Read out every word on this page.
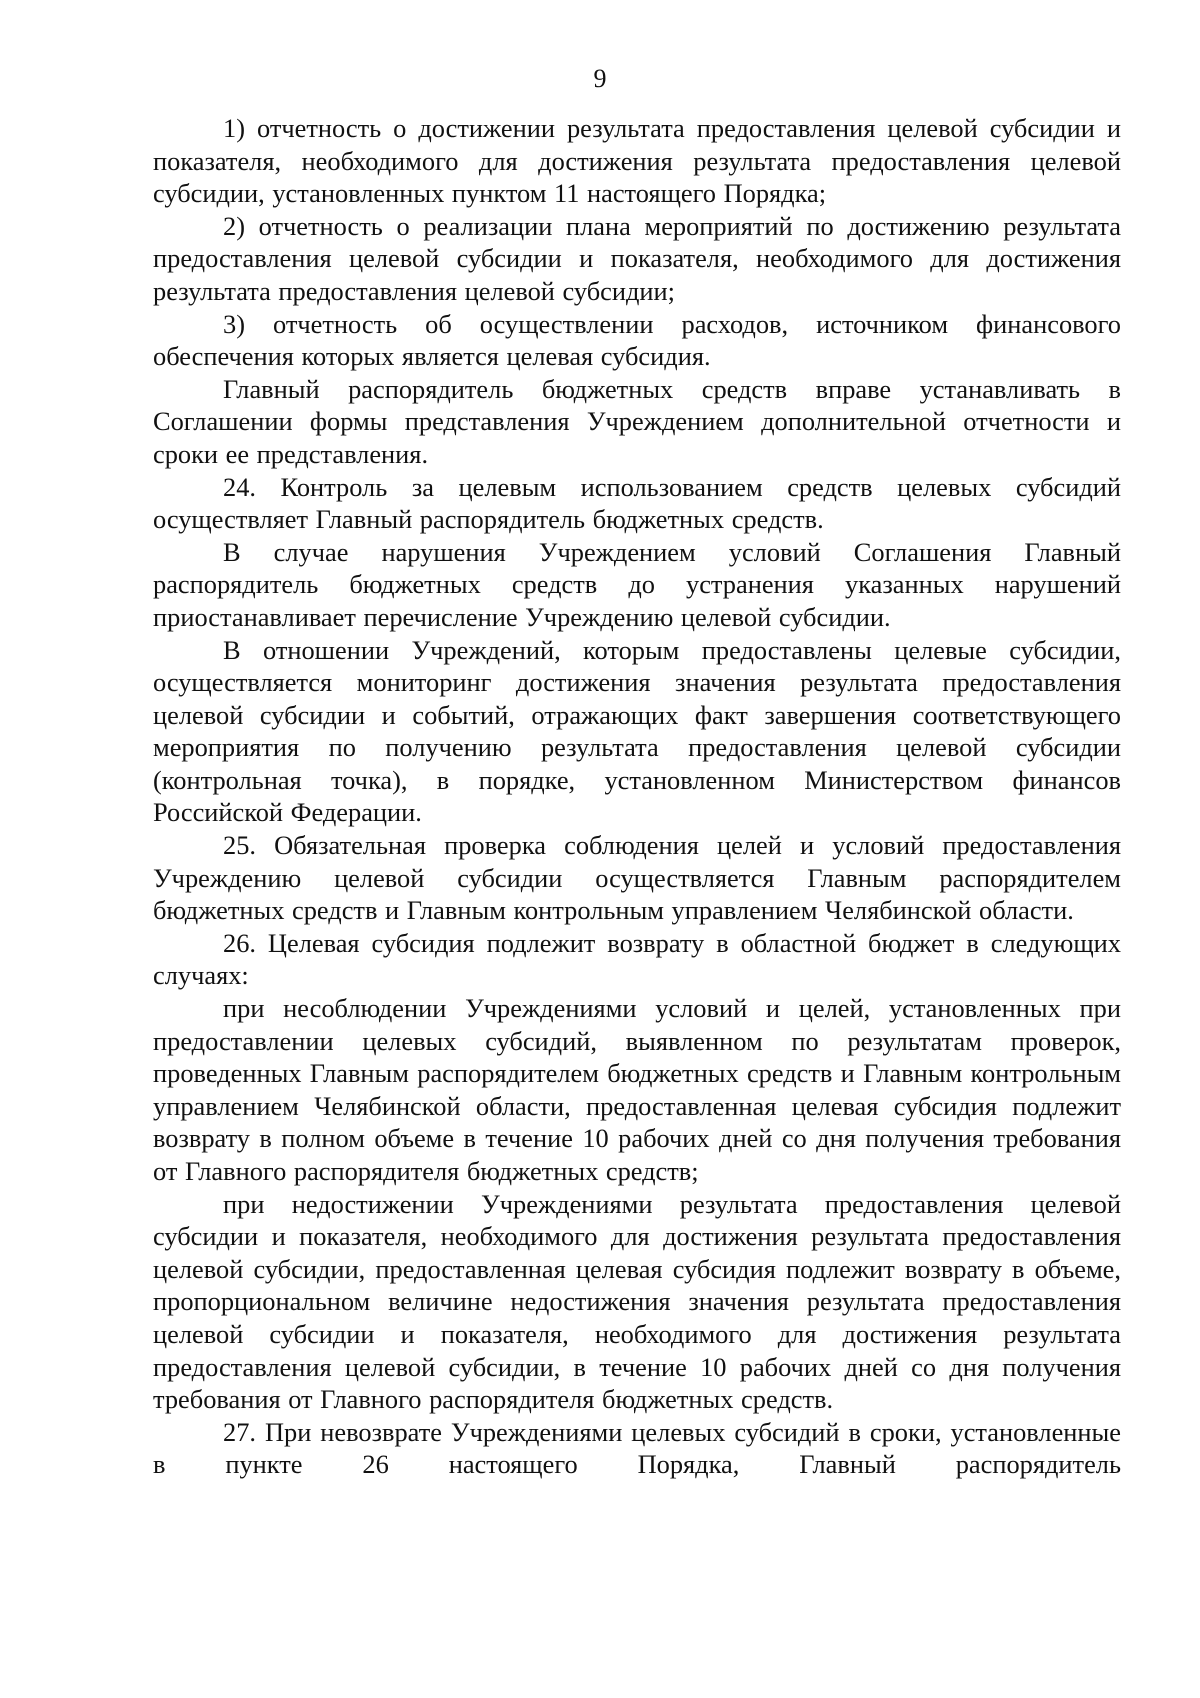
9

1) отчетность о достижении результата предоставления целевой субсидии и показателя, необходимого для достижения результата предоставления целевой субсидии, установленных пунктом 11 настоящего Порядка;

2) отчетность о реализации плана мероприятий по достижению результата предоставления целевой субсидии и показателя, необходимого для достижения результата предоставления целевой субсидии;

3) отчетность об осуществлении расходов, источником финансового обеспечения которых является целевая субсидия.

Главный распорядитель бюджетных средств вправе устанавливать в Соглашении формы представления Учреждением дополнительной отчетности и сроки ее представления.

24. Контроль за целевым использованием средств целевых субсидий осуществляет Главный распорядитель бюджетных средств.

В случае нарушения Учреждением условий Соглашения Главный распорядитель бюджетных средств до устранения указанных нарушений приостанавливает перечисление Учреждению целевой субсидии.

В отношении Учреждений, которым предоставлены целевые субсидии, осуществляется мониторинг достижения значения результата предоставления целевой субсидии и событий, отражающих факт завершения соответствующего мероприятия по получению результата предоставления целевой субсидии (контрольная точка), в порядке, установленном Министерством финансов Российской Федерации.

25. Обязательная проверка соблюдения целей и условий предоставления Учреждению целевой субсидии осуществляется Главным распорядителем бюджетных средств и Главным контрольным управлением Челябинской области.

26. Целевая субсидия подлежит возврату в областной бюджет в следующих случаях:

при несоблюдении Учреждениями условий и целей, установленных при предоставлении целевых субсидий, выявленном по результатам проверок, проведенных Главным распорядителем бюджетных средств и Главным контрольным управлением Челябинской области, предоставленная целевая субсидия подлежит возврату в полном объеме в течение 10 рабочих дней со дня получения требования от Главного распорядителя бюджетных средств;

при недостижении Учреждениями результата предоставления целевой субсидии и показателя, необходимого для достижения результата предоставления целевой субсидии, предоставленная целевая субсидия подлежит возврату в объеме, пропорциональном величине недостижения значения результата предоставления целевой субсидии и показателя, необходимого для достижения результата предоставления целевой субсидии, в течение 10 рабочих дней со дня получения требования от Главного распорядителя бюджетных средств.

27. При невозврате Учреждениями целевых субсидий в сроки, установленные в пункте 26 настоящего Порядка, Главный распорядитель
